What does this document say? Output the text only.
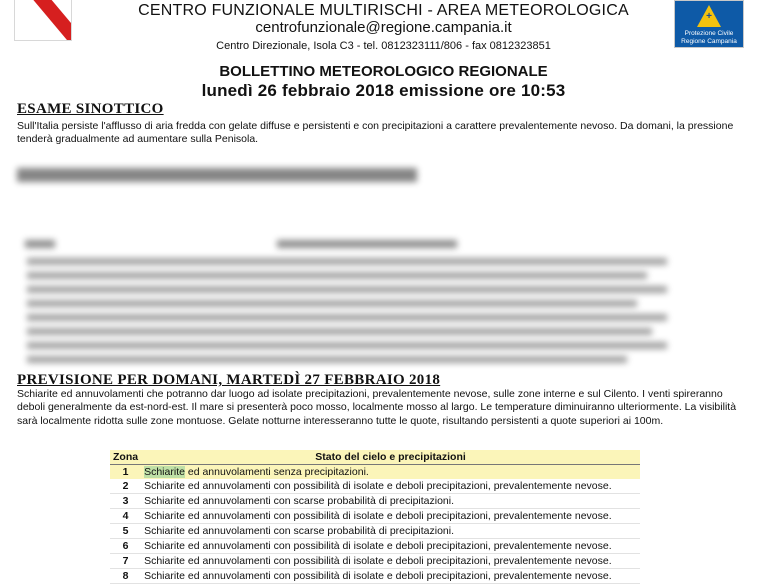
+
Protezione Civile
Regione Campania
CENTRO FUNZIONALE MULTIRISCHI - AREA METEOROLOGICA
centrofunzionale@regione.campania.it
Centro Direzionale, Isola C3 - tel. 0812323111/806 - fax 0812323851
BOLLETTINO METEOROLOGICO REGIONALE
lunedì 26 febbraio 2018 emissione ore 10:53
ESAME SINOTTICO

Sull'Italia persiste l'afflusso di aria fredda con gelate diffuse e persistenti e con precipitazioni a carattere prevalentemente nevoso. Da domani, la pressione tenderà gradualmente ad aumentare sulla Penisola.

PREVISIONE PER DOMANI, MARTEDÌ 27 FEBBRAIO 2018

Schiarite ed annuvolamenti che potranno dar luogo ad isolate precipitazioni, prevalentemente nevose, sulle zone interne e sul Cilento. I venti spireranno deboli generalmente da est-nord-est. Il mare si presenterà poco mosso, localmente mosso al largo. Le temperature diminuiranno ulteriormente. La visibilità sarà localmente ridotta sulle zone montuose. Gelate notturne interesseranno tutte le quote, risultando persistenti a quote superiori ai 100m.

Zona	Stato del cielo e precipitazioni
1	Schiarite ed annuvolamenti senza precipitazioni.
2	Schiarite ed annuvolamenti con possibilità di isolate e deboli precipitazioni, prevalentemente nevose.
3	Schiarite ed annuvolamenti con scarse probabilità di precipitazioni.
4	Schiarite ed annuvolamenti con possibilità di isolate e deboli precipitazioni, prevalentemente nevose.
5	Schiarite ed annuvolamenti con scarse probabilità di precipitazioni.
6	Schiarite ed annuvolamenti con possibilità di isolate e deboli precipitazioni, prevalentemente nevose.
7	Schiarite ed annuvolamenti con possibilità di isolate e deboli precipitazioni, prevalentemente nevose.
8	Schiarite ed annuvolamenti con possibilità di isolate e deboli precipitazioni, prevalentemente nevose.
